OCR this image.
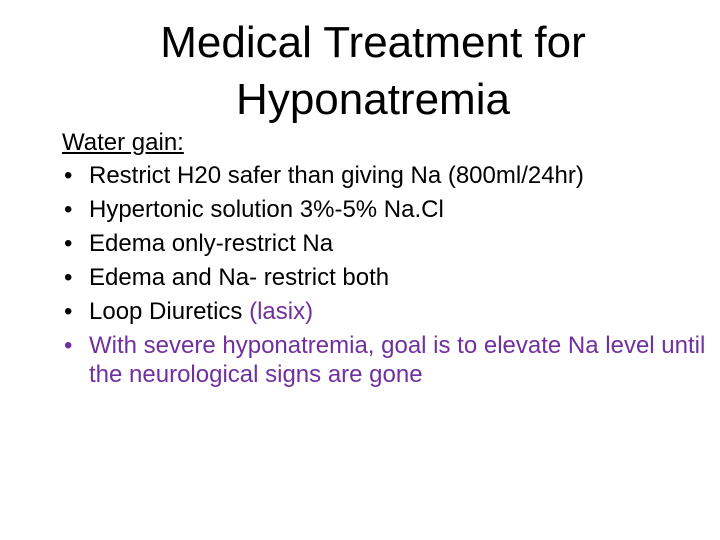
Medical Treatment for
Hyponatremia
Water gain:
• Restrict H20 safer than giving Na (800ml/24hr)
• Hypertonic solution 3%-5% Na.Cl
• Edema only-restrict Na
• Edema and Na- restrict both
• Loop Diuretics (lasix)
• With severe hyponatremia, goal is to elevate Na level until the neurological signs are gone
